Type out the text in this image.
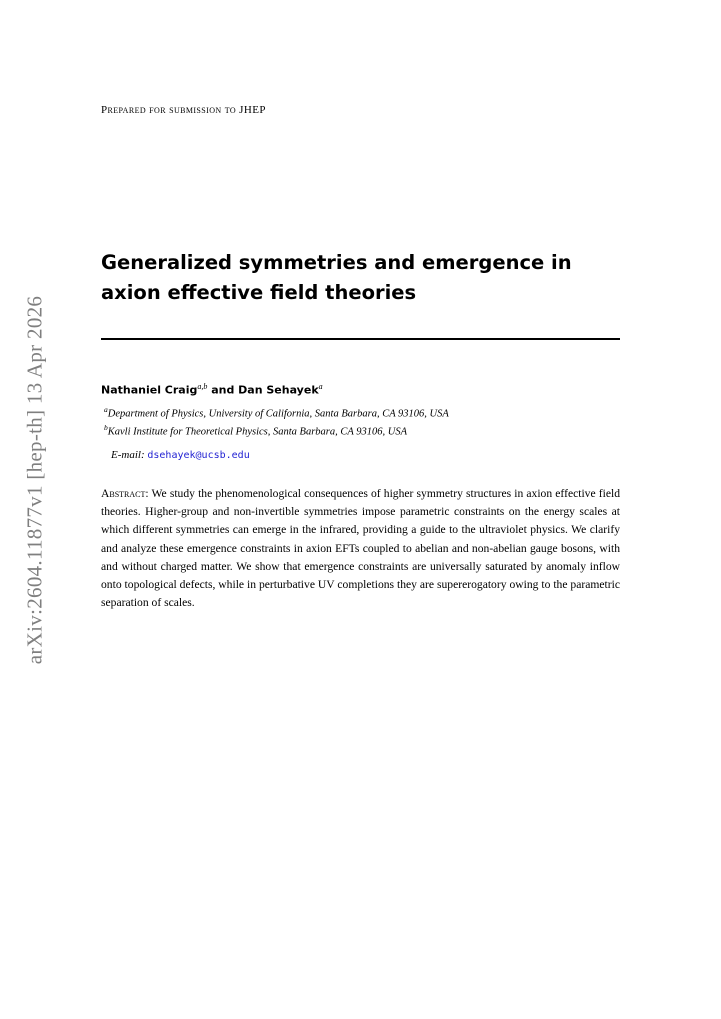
arXiv:2604.11877v1 [hep-th] 13 Apr 2026
Prepared for submission to JHEP
Generalized symmetries and emergence in axion effective field theories
Nathaniel Craig$^{a,b}$ and Dan Sehayek$^a$
$^a$Department of Physics, University of California, Santa Barbara, CA 93106, USA
$^b$Kavli Institute for Theoretical Physics, Santa Barbara, CA 93106, USA
E-mail: dsehayek@ucsb.edu
Abstract: We study the phenomenological consequences of higher symmetry structures in axion effective field theories. Higher-group and non-invertible symmetries impose parametric constraints on the energy scales at which different symmetries can emerge in the infrared, providing a guide to the ultraviolet physics. We clarify and analyze these emergence constraints in axion EFTs coupled to abelian and non-abelian gauge bosons, with and without charged matter. We show that emergence constraints are universally saturated by anomaly inflow onto topological defects, while in perturbative UV completions they are supererogatory owing to the parametric separation of scales.
